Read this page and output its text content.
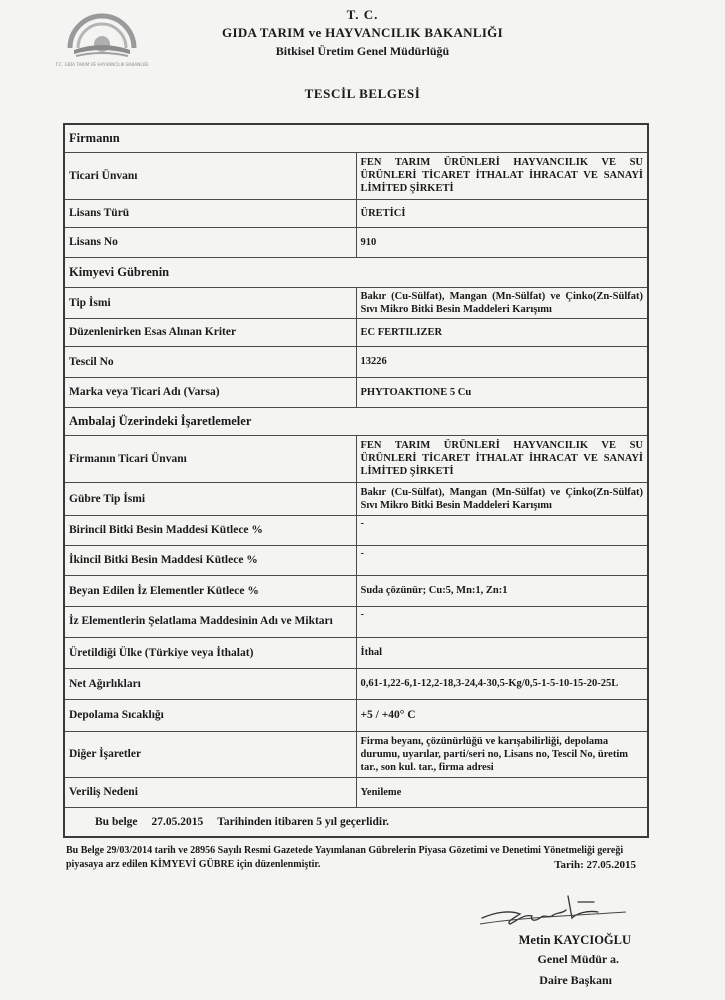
T.C. GIDA TARIM VE HAYVANCILIK BAKANLIĞI
T. C.
GIDA TARIM ve HAYVANCILIK BAKANLIĞI
Bitkisel Üretim Genel Müdürlüğü
TESCİL BELGESİ
Firmanın	
Ticari Ünvanı	FEN TARIM ÜRÜNLERİ HAYVANCILIK VE SU ÜRÜNLERİ TİCARET İTHALAT İHRACAT VE SANAYİ
LİMİTED ŞİRKETİ

Lisans Türü	ÜRETİCİ
Lisans No	910
Kimyevi Gübrenin	
Tip İsmi	Bakır (Cu-Sülfat), Mangan (Mn-Sülfat) ve Çinko(Zn-Sülfat)
Sıvı Mikro Bitki Besin Maddeleri Karışımı

Düzenlenirken Esas Alınan Kriter	EC FERTILIZER
Tescil No	13226
Marka veya Ticari Adı (Varsa)	PHYTOAKTIONE 5 Cu
Ambalaj Üzerindeki İşaretlemeler	
Firmanın Ticari Ünvanı	FEN TARIM ÜRÜNLERİ HAYVANCILIK VE SU ÜRÜNLERİ TİCARET İTHALAT İHRACAT VE SANAYİ
LİMİTED ŞİRKETİ

Gübre Tip İsmi	Bakır (Cu-Sülfat), Mangan (Mn-Sülfat) ve Çinko(Zn-Sülfat)
Sıvı Mikro Bitki Besin Maddeleri Karışımı

Birincil Bitki Besin Maddesi Kütlece %	-
İkincil Bitki Besin Maddesi Kütlece %	-
Beyan Edilen İz Elementler Kütlece %	Suda çözünür; Cu:5, Mn:1, Zn:1
İz Elementlerin Şelatlama Maddesinin Adı ve Miktarı	-
Üretildiği Ülke (Türkiye veya İthalat)	İthal
Net Ağırlıkları	0,61-1,22-6,1-12,2-18,3-24,4-30,5-Kg/0,5-1-5-10-15-20-25L
Depolama Sıcaklığı	+5 / +40° C
Diğer İşaretler	Firma beyanı, çözünürlüğü ve karışabilirliği, depolama durumu, uyarılar, parti/seri no, Lisans no, Tescil No, üretim tar., son kul. tar., firma adresi
Veriliş Nedeni	Yenileme
Bu belge 27.05.2015 Tarihinden itibaren 5 yıl geçerlidir.	
Bu Belge 29/03/2014 tarih ve 28956 Sayılı Resmi Gazetede Yayımlanan Gübrelerin Piyasa Gözetimi ve Denetimi Yönetmeliği gereği piyasaya arz edilen KİMYEVİ GÜBRE için düzenlenmiştir.	Tarih: 27.05.2015
Metin KAYCIOĞLU
Genel Müdür a.
Daire Başkanı
